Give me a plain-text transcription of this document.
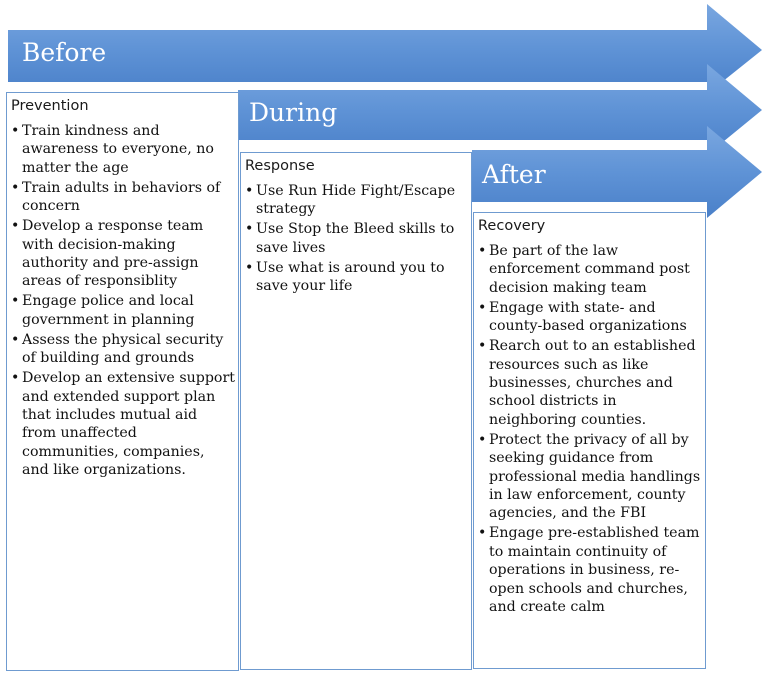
Before
During
After
Prevention
• Train kindness and awareness to everyone, no matter the age
• Train adults in behaviors of concern
• Develop a response team with decision-making authority and pre-assign areas of responsiblity
• Engage police and local government in planning
• Assess the physical security of building and grounds
• Develop an extensive support and extended support plan that includes mutual aid from unaffected communities, companies, and like organizations.
Response
• Use Run Hide Fight/Escape strategy
• Use Stop the Bleed skills to save lives
• Use what is around you to save your life
Recovery
• Be part of the law enforcement command post decision making team
• Engage with state- and county-based organizations
• Rearch out to an established resources such as like businesses, churches and school districts in neighboring counties.
• Protect the privacy of all by seeking guidance from professional media handlings in law enforcement, county agencies, and the FBI
• Engage pre-established team to maintain continuity of operations in business, re-open schools and churches, and create calm
